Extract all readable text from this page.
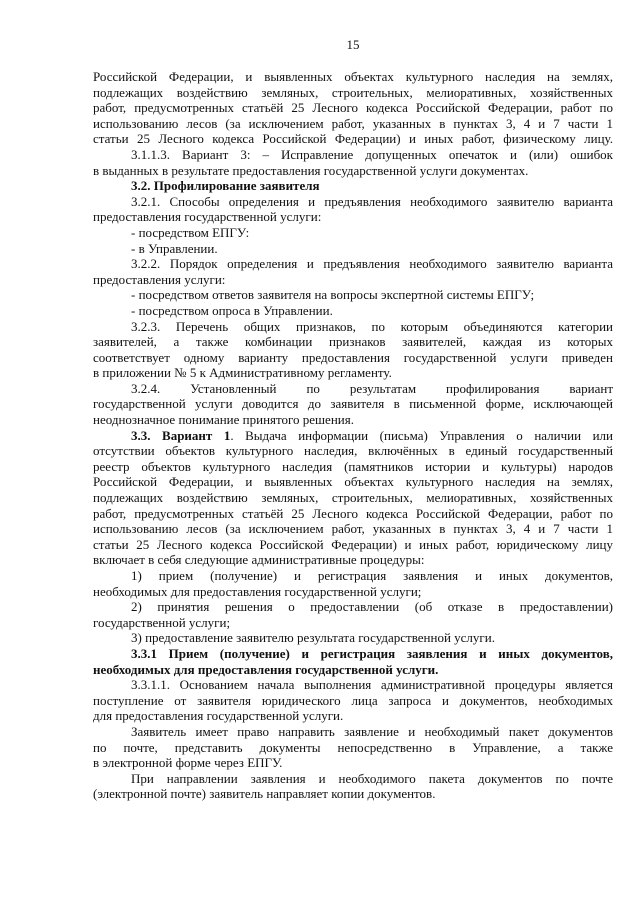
15
Российской Федерации, и выявленных объектах культурного наследия на землях,
подлежащих воздействию земляных, строительных, мелиоративных, хозяйственных
работ, предусмотренных статьёй 25 Лесного кодекса Российской Федерации, работ по
использованию лесов (за исключением работ, указанных в пунктах 3, 4 и 7 части 1
статьи 25 Лесного кодекса Российской Федерации) и иных работ, физическому лицу.
3.1.1.3. Вариант 3: – Исправление допущенных опечаток и (или) ошибок
в выданных в результате предоставления государственной услуги документах.
3.2. Профилирование заявителя
3.2.1. Способы определения и предъявления необходимого заявителю варианта
предоставления государственной услуги:
- посредством ЕПГУ:
- в Управлении.
3.2.2. Порядок определения и предъявления необходимого заявителю варианта
предоставления услуги:
- посредством ответов заявителя на вопросы экспертной системы ЕПГУ;
- посредством опроса в Управлении.
3.2.3. Перечень общих признаков, по которым объединяются категории
заявителей, а также комбинации признаков заявителей, каждая из которых
соответствует одному варианту предоставления государственной услуги приведен
в приложении № 5 к Административному регламенту.
3.2.4. Установленный по результатам профилирования вариант
государственной услуги доводится до заявителя в письменной форме, исключающей
неоднозначное понимание принятого решения.
3.3. Вариант 1. Выдача информации (письма) Управления о наличии или
отсутствии объектов культурного наследия, включённых в единый государственный
реестр объектов культурного наследия (памятников истории и культуры) народов
Российской Федерации, и выявленных объектах культурного наследия на землях,
подлежащих воздействию земляных, строительных, мелиоративных, хозяйственных
работ, предусмотренных статьёй 25 Лесного кодекса Российской Федерации, работ по
использованию лесов (за исключением работ, указанных в пунктах 3, 4 и 7 части 1
статьи 25 Лесного кодекса Российской Федерации) и иных работ, юридическому лицу
включает в себя следующие административные процедуры:
1) прием (получение) и регистрация заявления и иных документов,
необходимых для предоставления государственной услуги;
2) принятия решения о предоставлении (об отказе в предоставлении)
государственной услуги;
3) предоставление заявителю результата государственной услуги.
3.3.1 Прием (получение) и регистрация заявления и иных документов,
необходимых для предоставления государственной услуги.
3.3.1.1. Основанием начала выполнения административной процедуры является
поступление от заявителя юридического лица запроса и документов, необходимых
для предоставления государственной услуги.
Заявитель имеет право направить заявление и необходимый пакет документов
по почте, представить документы непосредственно в Управление, а также
в электронной форме через ЕПГУ.
При направлении заявления и необходимого пакета документов по почте
(электронной почте) заявитель направляет копии документов.
